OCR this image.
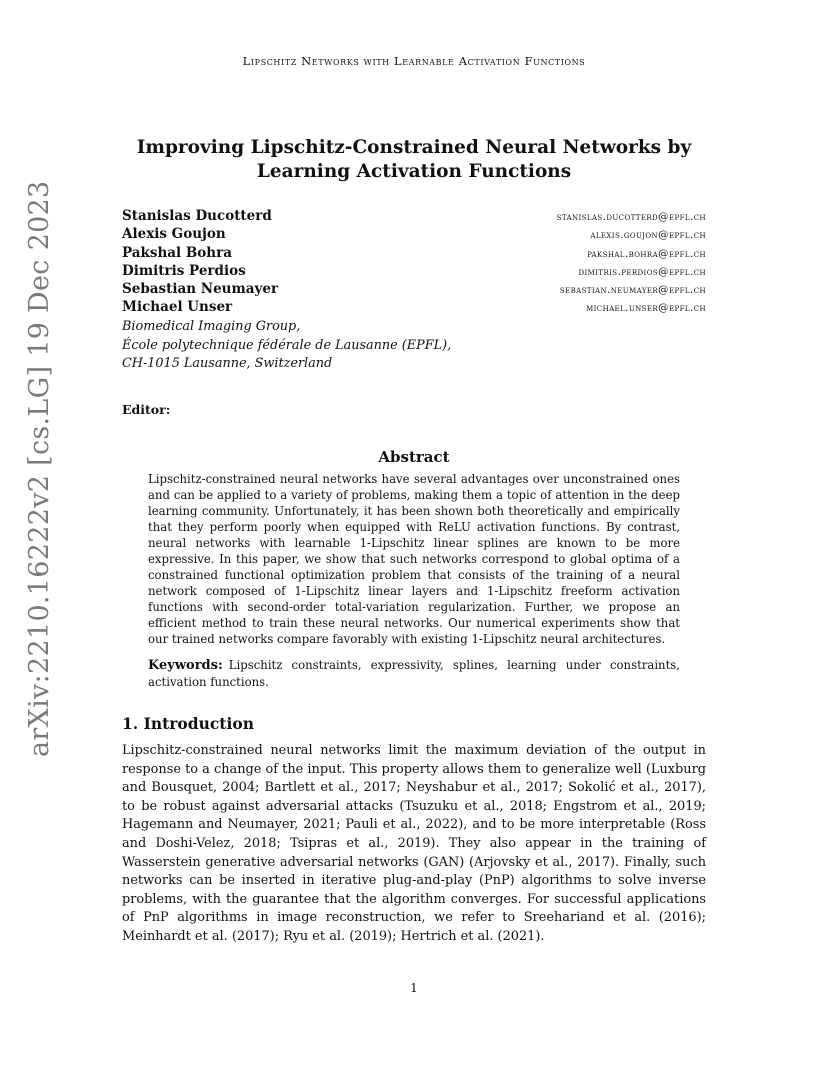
Lipschitz Networks with Learnable Activation Functions
arXiv:2210.16222v2 [cs.LG] 19 Dec 2023
Improving Lipschitz-Constrained Neural Networks by Learning Activation Functions
Stanislas Ducotterd	stanislas.ducotterd@epfl.ch
Alexis Goujon	alexis.goujon@epfl.ch
Pakshal Bohra	pakshal.bohra@epfl.ch
Dimitris Perdios	dimitris.perdios@epfl.ch
Sebastian Neumayer	sebastian.neumayer@epfl.ch
Michael Unser	michael.unser@epfl.ch
Biomedical Imaging Group,
École polytechnique fédérale de Lausanne (EPFL),
CH-1015 Lausanne, Switzerland
Editor:
Abstract
Lipschitz-constrained neural networks have several advantages over unconstrained ones and can be applied to a variety of problems, making them a topic of attention in the deep learning community. Unfortunately, it has been shown both theoretically and empirically that they perform poorly when equipped with ReLU activation functions. By contrast, neural networks with learnable 1-Lipschitz linear splines are known to be more expressive. In this paper, we show that such networks correspond to global optima of a constrained functional optimization problem that consists of the training of a neural network composed of 1-Lipschitz linear layers and 1-Lipschitz freeform activation functions with second-order total-variation regularization. Further, we propose an efficient method to train these neural networks. Our numerical experiments show that our trained networks compare favorably with existing 1-Lipschitz neural architectures.
Keywords: Lipschitz constraints, expressivity, splines, learning under constraints, activation functions.
1. Introduction
Lipschitz-constrained neural networks limit the maximum deviation of the output in response to a change of the input. This property allows them to generalize well (Luxburg and Bousquet, 2004; Bartlett et al., 2017; Neyshabur et al., 2017; Sokolić et al., 2017), to be robust against adversarial attacks (Tsuzuku et al., 2018; Engstrom et al., 2019; Hagemann and Neumayer, 2021; Pauli et al., 2022), and to be more interpretable (Ross and Doshi-Velez, 2018; Tsipras et al., 2019). They also appear in the training of Wasserstein generative adversarial networks (GAN) (Arjovsky et al., 2017). Finally, such networks can be inserted in iterative plug-and-play (PnP) algorithms to solve inverse problems, with the guarantee that the algorithm converges. For successful applications of PnP algorithms in image reconstruction, we refer to Sreehariand et al. (2016); Meinhardt et al. (2017); Ryu et al. (2019); Hertrich et al. (2021).
1
